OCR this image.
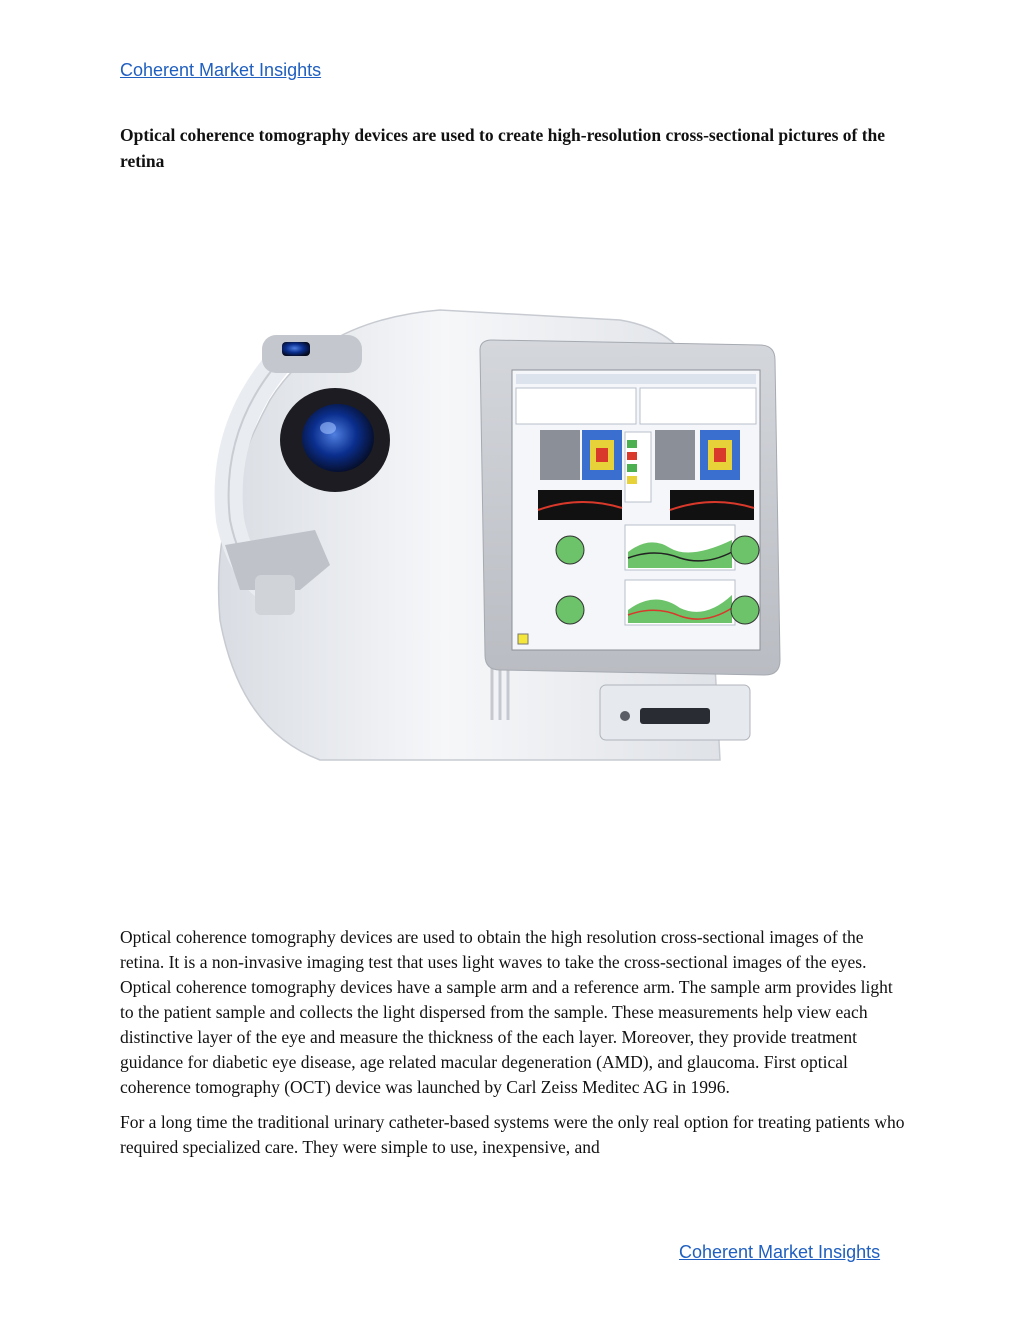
Coherent Market Insights
Optical coherence tomography devices are used to create high-resolution cross-sectional pictures of the retina

Optical coherence tomography devices are used to obtain the high resolution cross-sectional images of the retina. It is a non-invasive imaging test that uses light waves to take the cross-sectional images of the eyes. Optical coherence tomography devices have a sample arm and a reference arm. The sample arm provides light to the patient sample and collects the light dispersed from the sample. These measurements help view each distinctive layer of the eye and measure the thickness of the each layer. Moreover, they provide treatment guidance for diabetic eye disease, age related macular degeneration (AMD), and glaucoma. First optical coherence tomography (OCT) device was launched by Carl Zeiss Meditec AG in 1996.

For a long time the traditional urinary catheter-based systems were the only real option for treating patients who required specialized care. They were simple to use, inexpensive, and

Coherent Market Insights
